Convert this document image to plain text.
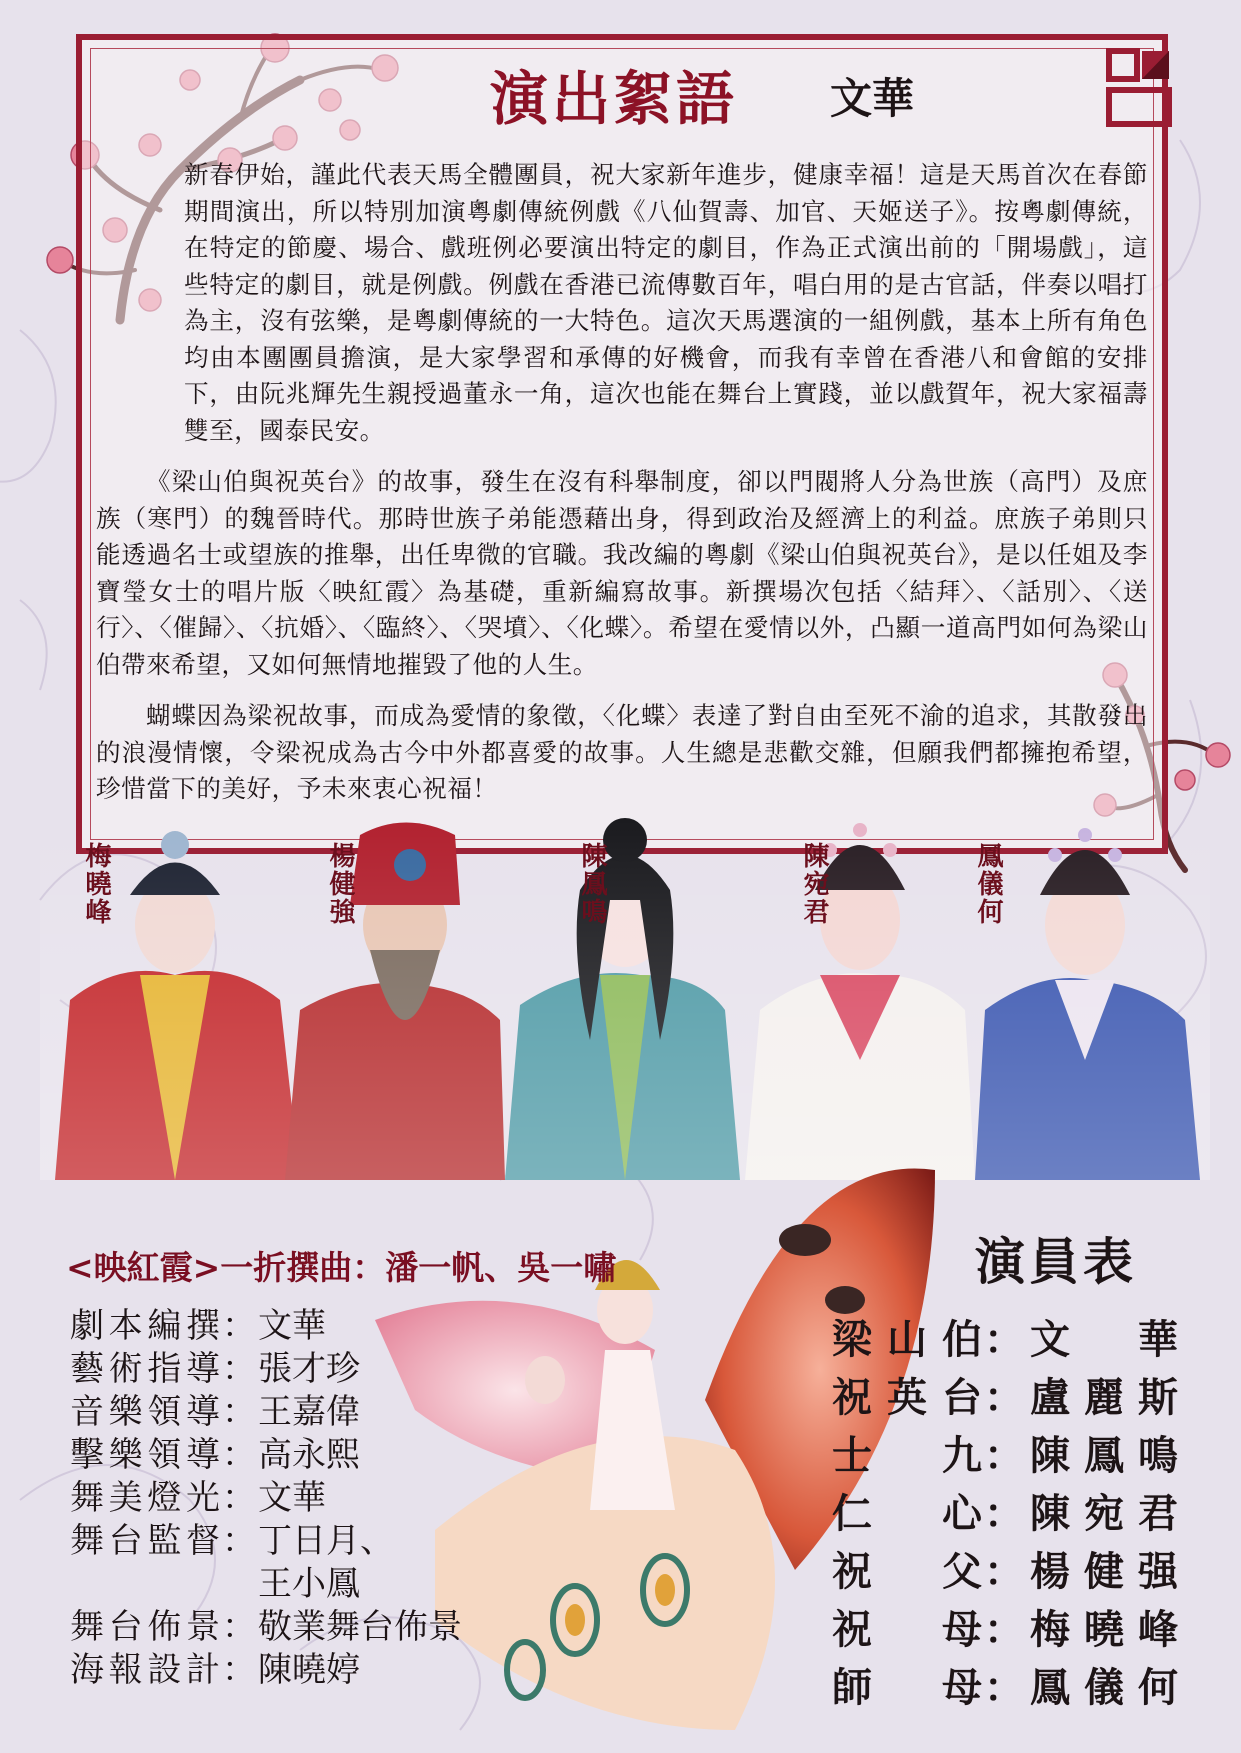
演出絮語 文華

新春伊始，謹此代表天馬全體團員，祝大家新年進步，健康幸福！這是天馬首次在春節期間演出，所以特別加演粵劇傳統例戲《八仙賀壽、加官、天姬送子》。按粵劇傳統，在特定的節慶、場合、戲班例必要演出特定的劇目，作為正式演出前的「開場戲」，這些特定的劇目，就是例戲。例戲在香港已流傳數百年，唱白用的是古官話，伴奏以唱打為主，沒有弦樂，是粵劇傳統的一大特色。這次天馬選演的一組例戲，基本上所有角色均由本團團員擔演，是大家學習和承傳的好機會，而我有幸曾在香港八和會館的安排下，由阮兆輝先生親授過董永一角，這次也能在舞台上實踐，並以戲賀年，祝大家福壽雙至，國泰民安。

《梁山伯與祝英台》的故事，發生在沒有科舉制度，卻以門閥將人分為世族（高門）及庶族（寒門）的魏晉時代。那時世族子弟能憑藉出身，得到政治及經濟上的利益。庶族子弟則只能透過名士或望族的推舉，出任卑微的官職。我改編的粵劇《梁山伯與祝英台》，是以任姐及李寶瑩女士的唱片版〈映紅霞〉為基礎，重新編寫故事。新撰場次包括〈結拜〉、〈話別〉、〈送行〉、〈催歸〉、〈抗婚〉、〈臨終〉、〈哭墳〉、〈化蝶〉。希望在愛情以外，凸顯一道高門如何為梁山伯帶來希望，又如何無情地摧毀了他的人生。

蝴蝶因為梁祝故事，而成為愛情的象徵，〈化蝶〉表達了對自由至死不渝的追求，其散發出的浪漫情懷，令梁祝成為古今中外都喜愛的故事。人生總是悲歡交雜，但願我們都擁抱希望，珍惜當下的美好，予未來衷心祝福！

梅曉峰	楊健強	陳鳳鳴	陳宛君	鳳儀何
<映紅霞>一折撰曲：潘一帆、吳一嘯
劇本編撰 ： 文華
藝術指導 ： 張才珍
音樂領導 ： 王嘉偉
擊樂領導 ： 高永熙
舞美燈光 ： 文華
舞台監督 ： 丁日月、
王小鳳
舞台佈景 ： 敬業舞台佈景
海報設計 ： 陳曉婷
演員表
梁山伯 ： 文華
祝英台 ： 盧麗斯
士九 ： 陳鳳鳴
仁心 ： 陳宛君
祝父 ： 楊健强
祝母 ： 梅曉峰
師母 ： 鳳儀何
